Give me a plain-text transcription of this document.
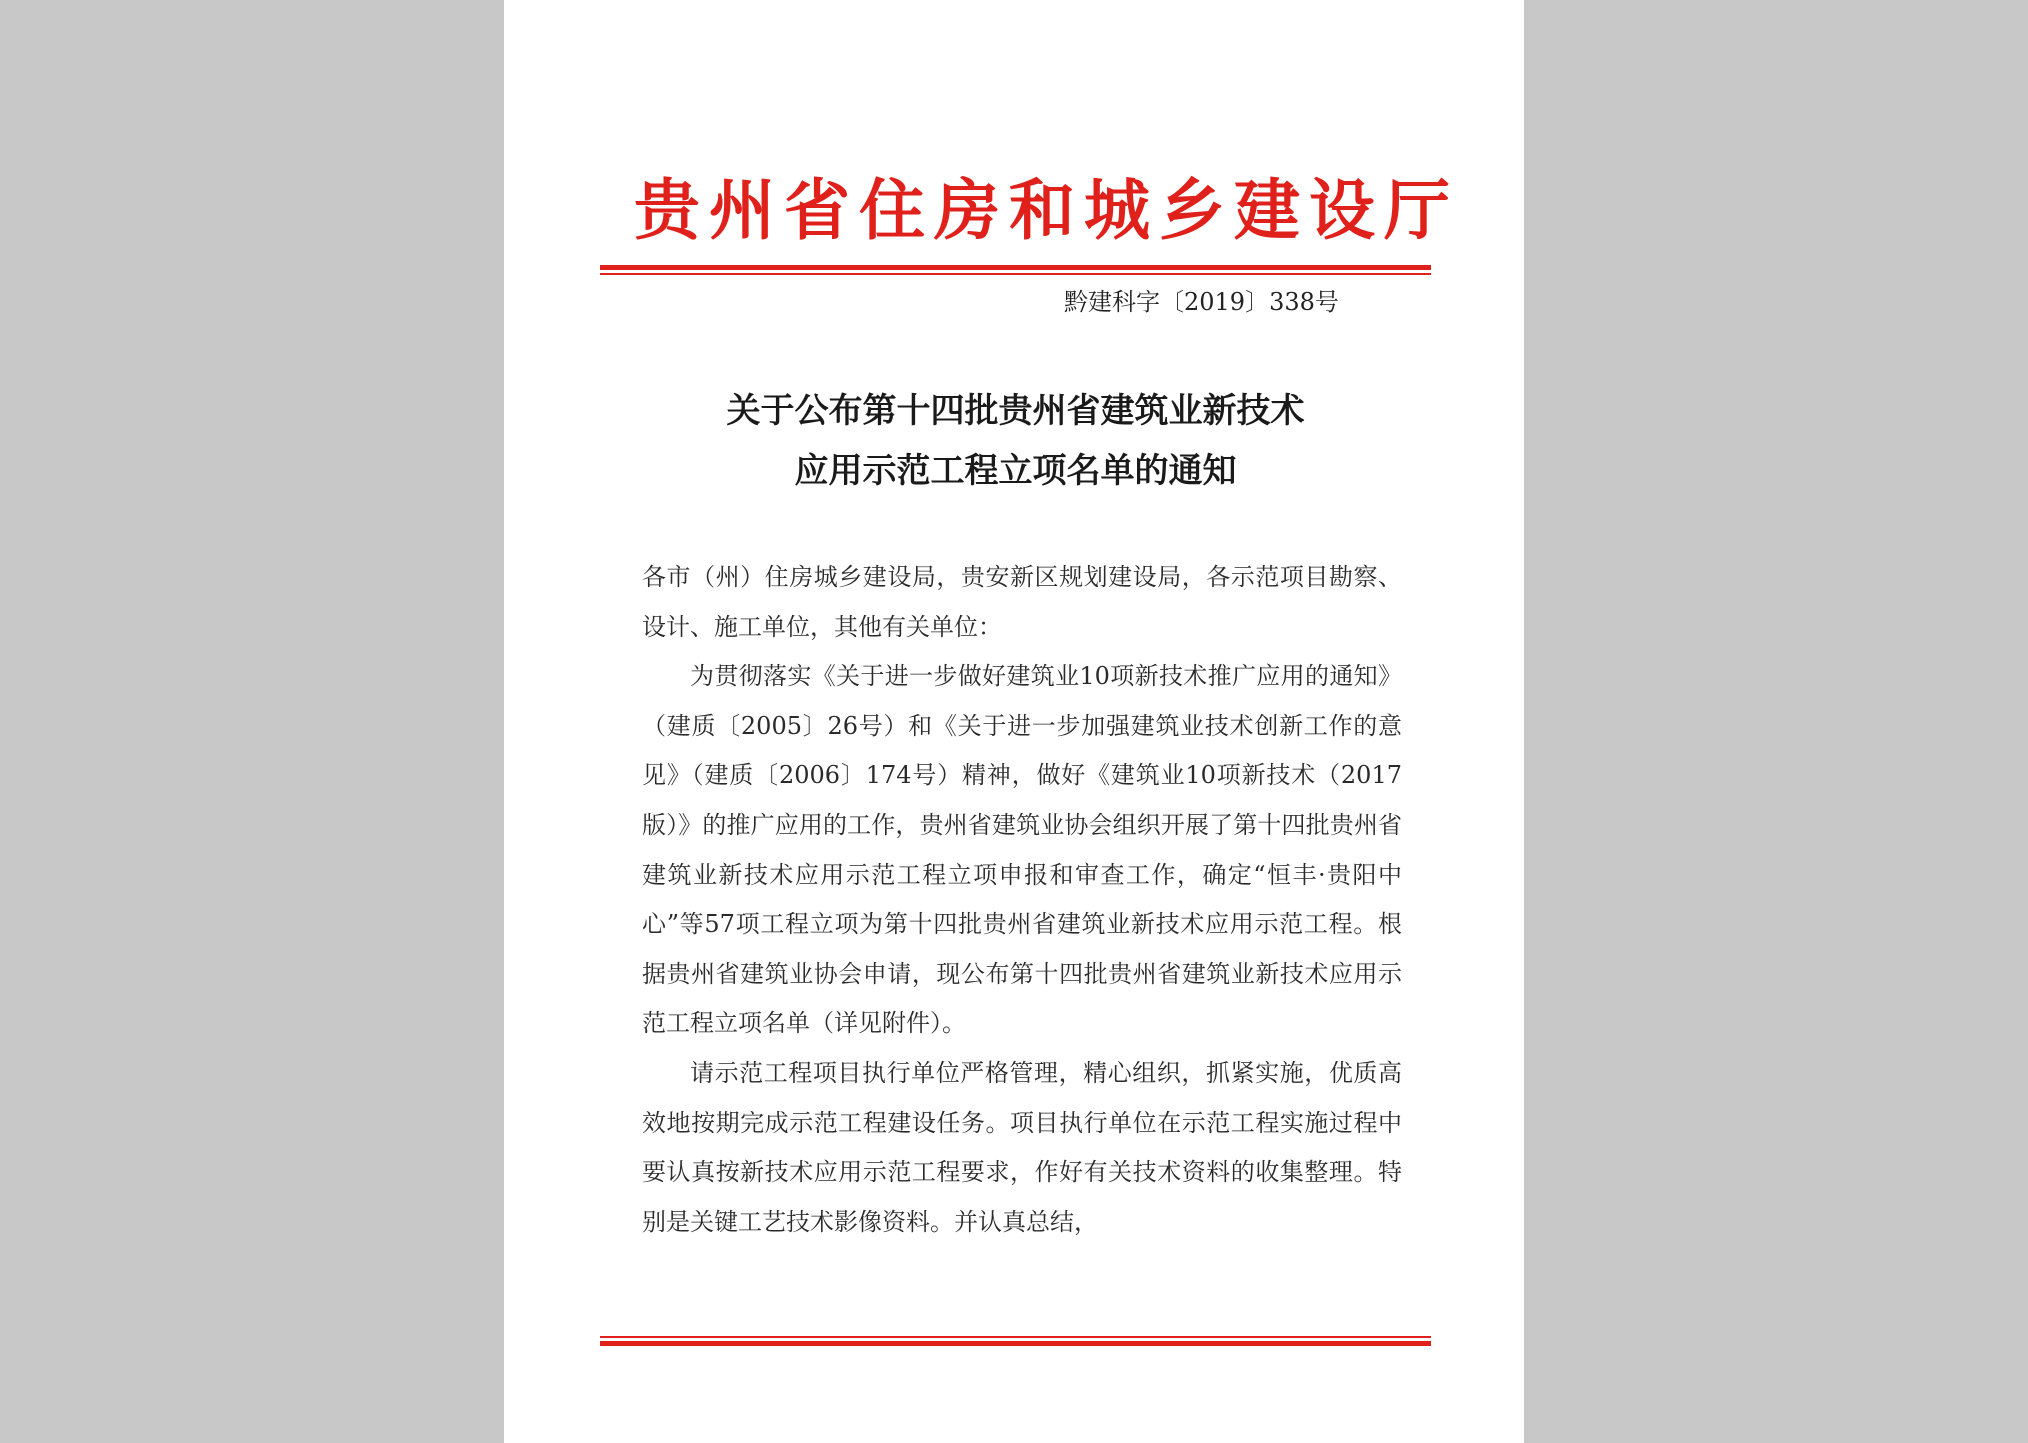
贵州省住房和城乡建设厅
黔建科字〔2019〕338号
关于公布第十四批贵州省建筑业新技术
应用示范工程立项名单的通知

各市（州）住房城乡建设局，贵安新区规划建设局，各示范项目勘察、设计、施工单位，其他有关单位：

为贯彻落实《关于进一步做好建筑业10项新技术推广应用的通知》（建质〔2005〕26号）和《关于进一步加强建筑业技术创新工作的意见》（建质〔2006〕174号）精神，做好《建筑业10项新技术（2017版）》的推广应用的工作，贵州省建筑业协会组织开展了第十四批贵州省建筑业新技术应用示范工程立项申报和审查工作，确定“恒丰·贵阳中心”等57项工程立项为第十四批贵州省建筑业新技术应用示范工程。根据贵州省建筑业协会申请，现公布第十四批贵州省建筑业新技术应用示范工程立项名单（详见附件）。

请示范工程项目执行单位严格管理，精心组织，抓紧实施，优质高效地按期完成示范工程建设任务。项目执行单位在示范工程实施过程中要认真按新技术应用示范工程要求，作好有关技术资料的收集整理。特别是关键工艺技术影像资料。并认真总结，
